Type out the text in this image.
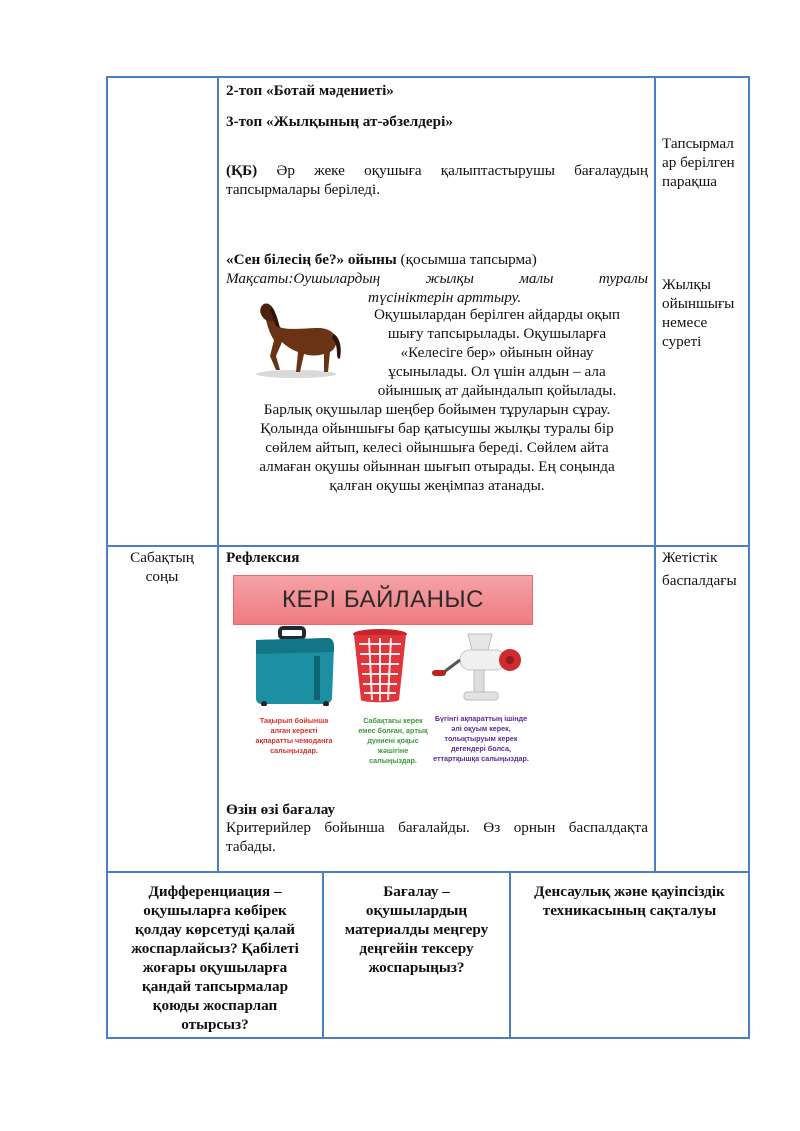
2-топ «Ботай мәдениеті»
3-топ «Жылқының ат-әбзелдері»
(ҚБ) Әр жеке оқушыға қалыптастырушы бағалаудың тапсырмалары беріледі.
«Сен білесің бе?» ойыны (қосымша тапсырма)
Мақсаты:Оушылардың жылқы малы туралы
түсініктерін арттыру.
Оқушылардан берілген айдарды оқып
шығу тапсырылады. Оқушыларға
«Келесіге бер» ойынын ойнау
ұсынылады. Ол үшін алдын – ала
ойыншық ат дайындалып қойылады.
Барлық оқушылар шеңбер бойымен тұруларын сұрау.
Қолында ойыншығы бар қатысушы жылқы туралы бір
сөйлем айтып, келесі ойыншыға береді. Сөйлем айта
алмаған оқушы ойыннан шығып отырады. Ең соңында
қалған оқушы жеңімпаз атанады.
Тапсырмал
ар берілген
парақша
Жылқы
ойыншығы
немесе
суреті
Сабақтың
соңы
Рефлексия
КЕРІ БАЙЛАНЫС
Тақырып бойынша
алған керекті
ақпаратты чемоданға
салыңыздар.
Сабақтағы керек
емес болған, артық
дүниені қоқыс
жәшігіне
салыңыздар.
Бүгінгі ақпараттың ішінде
әлі оқуым керек,
толықтыруым керек
дегендері болса,
еттартқышқа салыңыздар.
Өзін өзі бағалау
Критерийлер бойынша бағалайды. Өз орнын баспалдақта табады.
Жетістік
баспалдағы
Дифференциация –
оқушыларға көбірек
қолдау көрсетуді қалай
жоспарлайсыз? Қабілеті
жоғары оқушыларға
қандай тапсырмалар
қоюды жоспарлап
отырсыз?
Бағалау –
оқушылардың
материалды меңгеру
деңгейін тексеру
жоспарыңыз?
Денсаулық және қауіпсіздік
техникасының сақталуы
